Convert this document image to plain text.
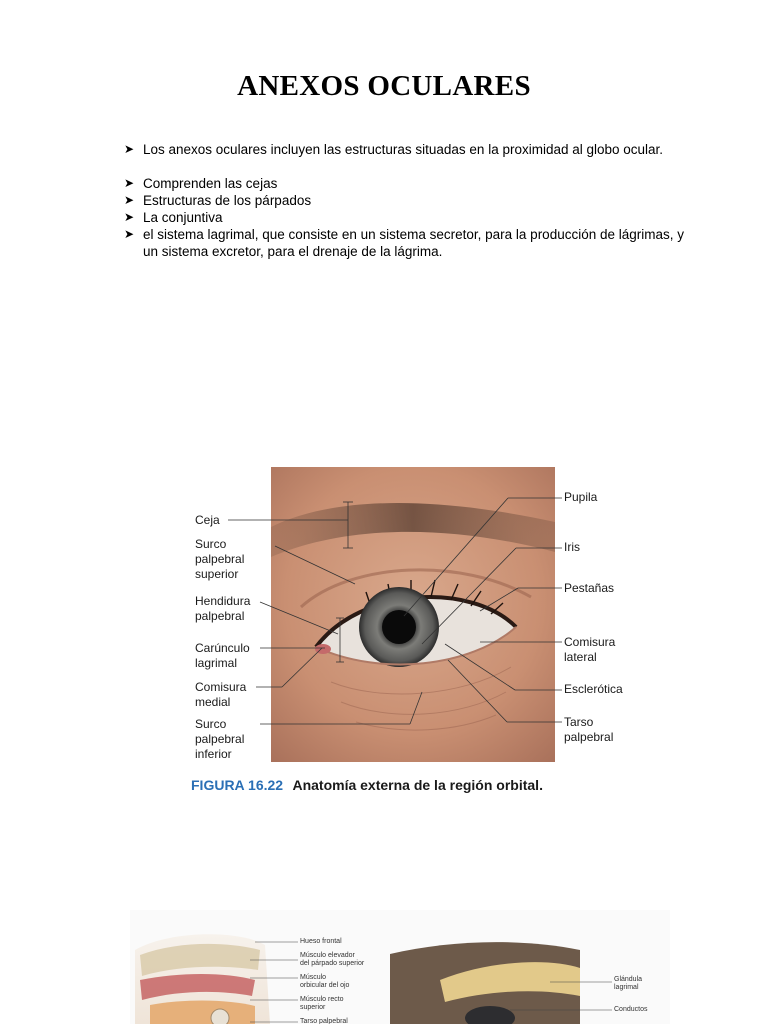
ANEXOS OCULARES
➤ Los anexos oculares incluyen las estructuras situadas en la proximidad al globo ocular.
➤ Comprenden las cejas
➤ Estructuras de los párpados
➤ La conjuntiva
➤ el sistema lagrimal, que consiste en un sistema secretor, para la producción de lágrimas, y un sistema excretor, para el drenaje de la lágrima.
Ceja
Surco
palpebral
superior
Hendidura
palpebral
Carúnculo
lagrimal
Comisura
medial
Surco
palpebral
inferior
Pupila
Iris
Pestañas
Comisura
lateral
Esclerótica
Tarso
palpebral
FIGURA 16.22 Anatomía externa de la región orbital.
Hueso frontal
Músculo elevador
del párpado superior
Músculo
orbicular del ojo
Músculo recto
superior
Tarso palpebral
Glándula
lagrimal
Conductos
